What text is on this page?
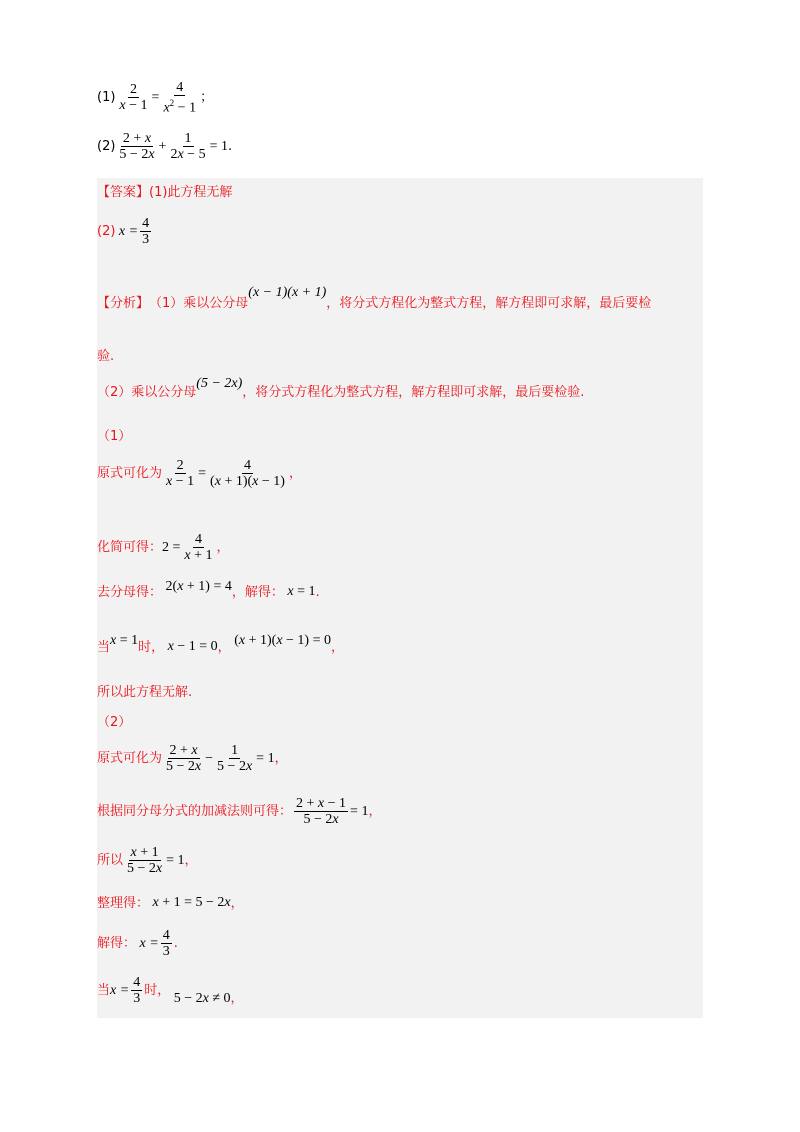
$(1) \frac{2}{x - 1} = \frac{4}{x^2 - 1}$ ；
$(2) \frac{2 + x}{5 - 2x} + \frac{1}{2x - 5} = 1$ .
【答案】 (1)此方程无解
(2) $x = \frac{4}{3}$
【分析】 （1）乘以公分母
(x − 1)(x + 1)
，将分式方程化为整式方程，解方程即可求解，最后要检
验.
（2）乘以公分母
(5 − 2x)
，将分式方程化为整式方程，解方程即可求解，最后要检验.
（1）
原式可化为 $\frac{2}{x - 1} = \frac{4}{(x + 1)(x - 1)}$ ，
化简可得： $2 = \frac{4}{x + 1}$ ，
去分母得： 2(x + 1) = 4 ，解得： x = 1 .
当 x = 1 时， x − 1 = 0 ， (x + 1)(x − 1) = 0 ，
所以此方程无解.
（2）
原式可化为 $\frac{2 + x}{5 - 2x} - \frac{1}{5 - 2x} = 1$ ，
根据同分母分式的加减法则可得： $\frac{2 + x - 1}{5 - 2x} = 1$ ，
所以 $\frac{x + 1}{5 - 2x} = 1$ ，
整理得： x + 1 = 5 − 2x ，
解得： $x = \frac{4}{3}$ .
当 $x = \frac{4}{3}$ 时， 5 − 2x ≠ 0 ，
